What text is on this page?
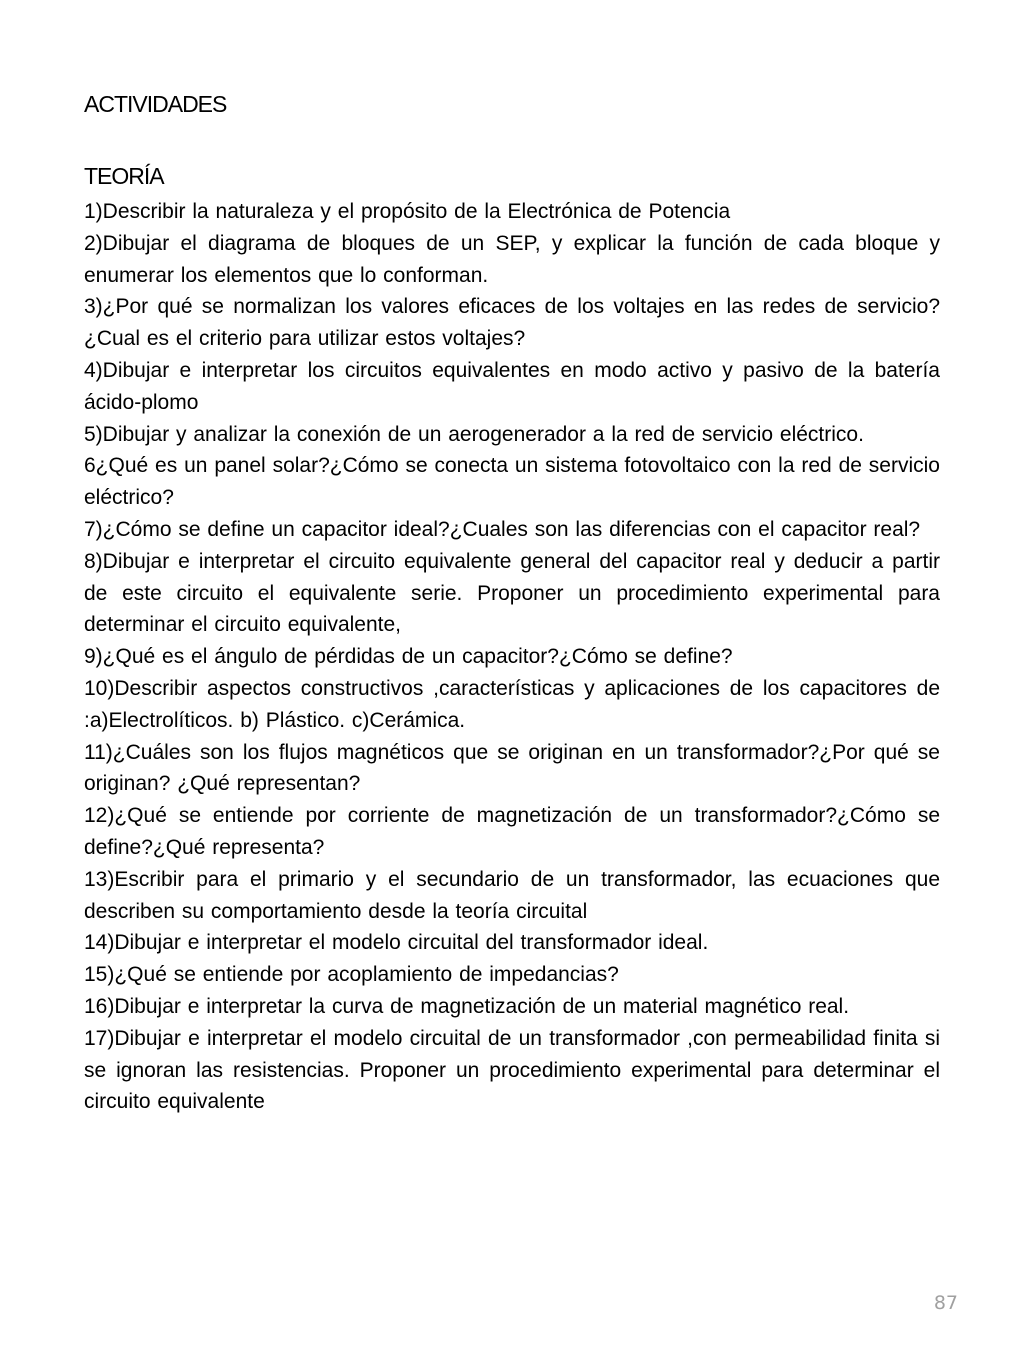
ACTIVIDADES
TEORÍA
1)Describir la naturaleza y el propósito de la Electrónica de Potencia
2)Dibujar el diagrama de bloques de un SEP, y explicar la función de cada bloque y enumerar los elementos que lo conforman.
3)¿Por qué se normalizan los valores eficaces de los voltajes en las redes de servicio?¿Cual es el criterio para utilizar estos voltajes?
4)Dibujar e interpretar los circuitos equivalentes en modo activo y pasivo de la batería ácido-plomo
5)Dibujar y analizar la conexión de un aerogenerador a la red de servicio eléctrico.
6¿Qué es un panel solar?¿Cómo se conecta un sistema fotovoltaico con la red de servicio eléctrico?
7)¿Cómo se define un capacitor ideal?¿Cuales son las diferencias con el capacitor real?
8)Dibujar e interpretar el circuito equivalente general del capacitor real y deducir a partir de este circuito el equivalente serie. Proponer un procedimiento experimental para determinar el circuito equivalente,
9)¿Qué es el ángulo de pérdidas de un capacitor?¿Cómo se define?
10)Describir aspectos constructivos ,características y aplicaciones de los capacitores de :a)Electrolíticos. b) Plástico. c)Cerámica.
11)¿Cuáles son los flujos magnéticos que se originan en un transformador?¿Por qué se originan? ¿Qué representan?
12)¿Qué se entiende por corriente de magnetización de un transformador?¿Cómo se define?¿Qué representa?
13)Escribir para el primario y el secundario de un transformador, las ecuaciones que describen su comportamiento desde la teoría circuital
14)Dibujar e interpretar el modelo circuital del transformador ideal.
15)¿Qué se entiende por acoplamiento de impedancias?
16)Dibujar e interpretar la curva de magnetización de un material magnético real.
17)Dibujar e interpretar el modelo circuital de un transformador ,con permeabilidad finita si se ignoran las resistencias. Proponer un procedimiento experimental para determinar el circuito equivalente
87
